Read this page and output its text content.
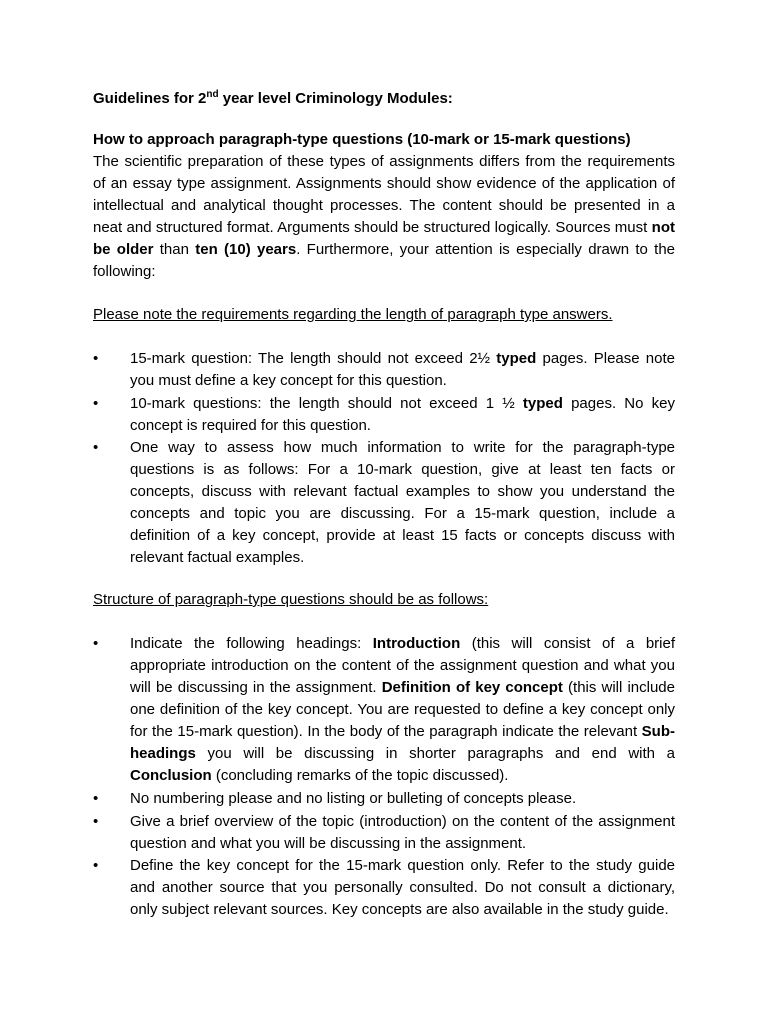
Guidelines for 2nd year level Criminology Modules:
How to approach paragraph-type questions (10-mark or 15-mark questions)
The scientific preparation of these types of assignments differs from the requirements of an essay type assignment. Assignments should show evidence of the application of intellectual and analytical thought processes. The content should be presented in a neat and structured format. Arguments should be structured logically. Sources must not be older than ten (10) years. Furthermore, your attention is especially drawn to the following:
Please note the requirements regarding the length of paragraph type answers.
•	15-mark question: The length should not exceed 2½ typed pages. Please note you must define a key concept for this question.
•	10-mark questions: the length should not exceed 1 ½ typed pages. No key concept is required for this question.
•	One way to assess how much information to write for the paragraph-type questions is as follows: For a 10-mark question, give at least ten facts or concepts, discuss with relevant factual examples to show you understand the concepts and topic you are discussing. For a 15-mark question, include a definition of a key concept, provide at least 15 facts or concepts discuss with relevant factual examples.
Structure of paragraph-type questions should be as follows:
•	Indicate the following headings: Introduction (this will consist of a brief appropriate introduction on the content of the assignment question and what you will be discussing in the assignment. Definition of key concept (this will include one definition of the key concept. You are requested to define a key concept only for the 15-mark question). In the body of the paragraph indicate the relevant Sub-headings you will be discussing in shorter paragraphs and end with a Conclusion (concluding remarks of the topic discussed).
•	No numbering please and no listing or bulleting of concepts please.
•	Give a brief overview of the topic (introduction) on the content of the assignment question and what you will be discussing in the assignment.
•	Define the key concept for the 15-mark question only. Refer to the study guide and another source that you personally consulted. Do not consult a dictionary, only subject relevant sources. Key concepts are also available in the study guide.
